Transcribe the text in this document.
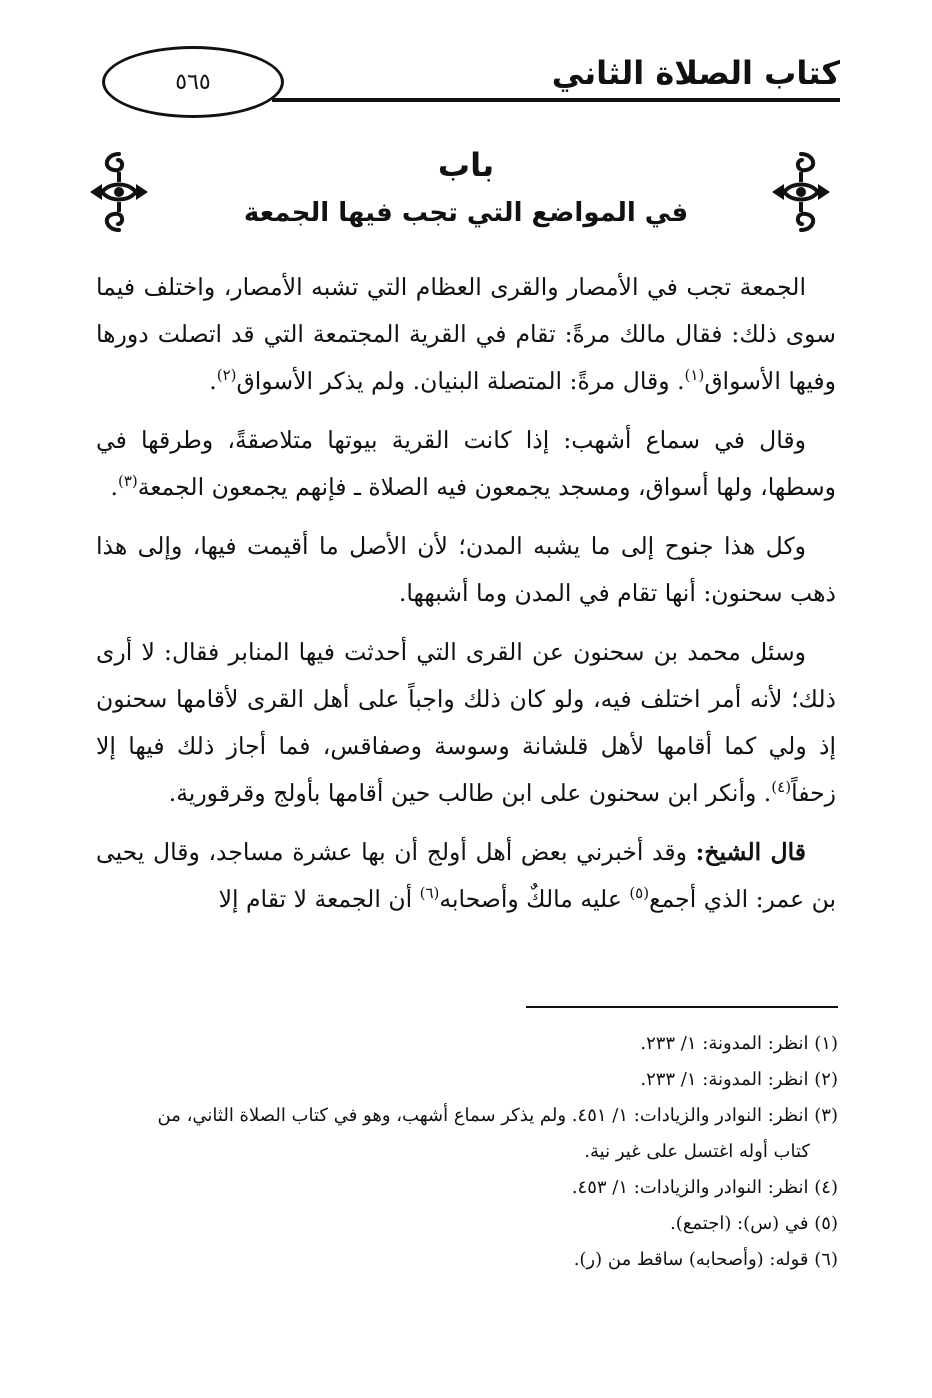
٥٦٥	كتاب الصلاة الثاني
باب
في المواضع التي تجب فيها الجمعة

الجمعة تجب في الأمصار والقرى العظام التي تشبه الأمصار، واختلف فيما سوى ذلك: فقال مالك مرةً: تقام في القرية المجتمعة التي قد اتصلت دورها وفيها الأسواق$^{(١)}$. وقال مرةً: المتصلة البنيان. ولم يذكر الأسواق$^{(٢)}$.

وقال في سماع أشهب: إذا كانت القرية بيوتها متلاصقةً، وطرقها في وسطها، ولها أسواق، ومسجد يجمعون فيه الصلاة ـ فإنهم يجمعون الجمعة$^{(٣)}$.

وكل هذا جنوح إلى ما يشبه المدن؛ لأن الأصل ما أقيمت فيها، وإلى هذا ذهب سحنون: أنها تقام في المدن وما أشبهها.

وسئل محمد بن سحنون عن القرى التي أحدثت فيها المنابر فقال: لا أرى ذلك؛ لأنه أمر اختلف فيه، ولو كان ذلك واجباً على أهل القرى لأقامها سحنون إذ ولي كما أقامها لأهل قلشانة وسوسة وصفاقس، فما أجاز ذلك فيها إلا زحفاً$^{(٤)}$. وأنكر ابن سحنون على ابن طالب حين أقامها بأولج وقرقورية.

قال الشيخ: وقد أخبرني بعض أهل أولج أن بها عشرة مساجد، وقال يحيى بن عمر: الذي أجمع$^{(٥)}$ عليه مالكٌ وأصحابه$^{(٦)}$ أن الجمعة لا تقام إلا

(١) انظر: المدونة: ١/ ٢٣٣.
(٢) انظر: المدونة: ١/ ٢٣٣.
(٣) انظر: النوادر والزيادات: ١/ ٤٥١. ولم يذكر سماع أشهب، وهو في كتاب الصلاة الثاني، من
كتاب أوله اغتسل على غير نية.
(٤) انظر: النوادر والزيادات: ١/ ٤٥٣.
(٥) في (س): (اجتمع).
(٦) قوله: (وأصحابه) ساقط من (ر).
